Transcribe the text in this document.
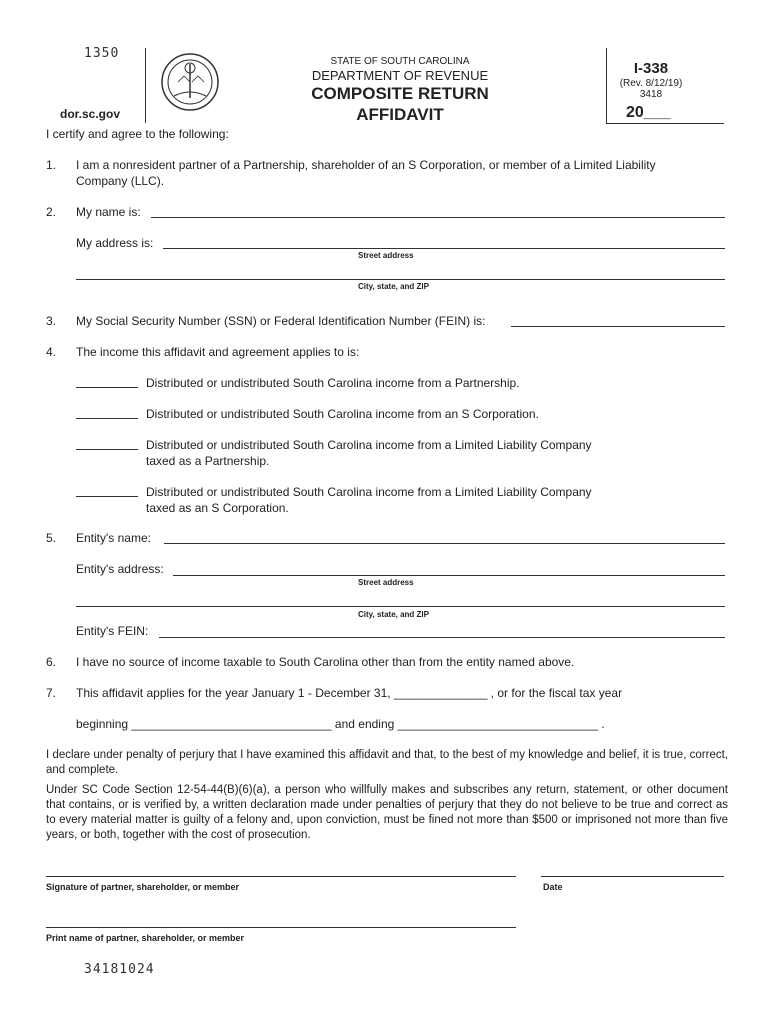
1350
dor.sc.gov
STATE OF SOUTH CAROLINA
DEPARTMENT OF REVENUE
COMPOSITE RETURN
AFFIDAVIT
I-338
(Rev. 8/12/19)
3418
20___
I certify and agree to the following:
1. I am a nonresident partner of a Partnership, shareholder of an S Corporation, or member of a Limited Liability
Company (LLC).
2. My name is:
My address is:
Street address
City, state, and ZIP
3. My Social Security Number (SSN) or Federal Identification Number (FEIN) is:
4. The income this affidavit and agreement applies to is:
Distributed or undistributed South Carolina income from a Partnership.
Distributed or undistributed South Carolina income from an S Corporation.
Distributed or undistributed South Carolina income from a Limited Liability Company
taxed as a Partnership.
Distributed or undistributed South Carolina income from a Limited Liability Company
taxed as an S Corporation.
5. Entity's name:
Entity's address:
Street address
City, state, and ZIP
Entity's FEIN:
6. I have no source of income taxable to South Carolina other than from the entity named above.
7. This affidavit applies for the year January 1 - December 31, ______________ , or for the fiscal tax year
beginning ______________________________ and ending ______________________________ .
I declare under penalty of perjury that I have examined this affidavit and that, to the best of my knowledge and belief, it is true, correct, and complete.
Under SC Code Section 12-54-44(B)(6)(a), a person who willfully makes and subscribes any return, statement, or other document that contains, or is verified by, a written declaration made under penalties of perjury that they do not believe to be true and correct as to every material matter is guilty of a felony and, upon conviction, must be fined not more than $500 or imprisoned not more than five years, or both, together with the cost of prosecution.
Signature of partner, shareholder, or member	Date
Print name of partner, shareholder, or member
34181024
